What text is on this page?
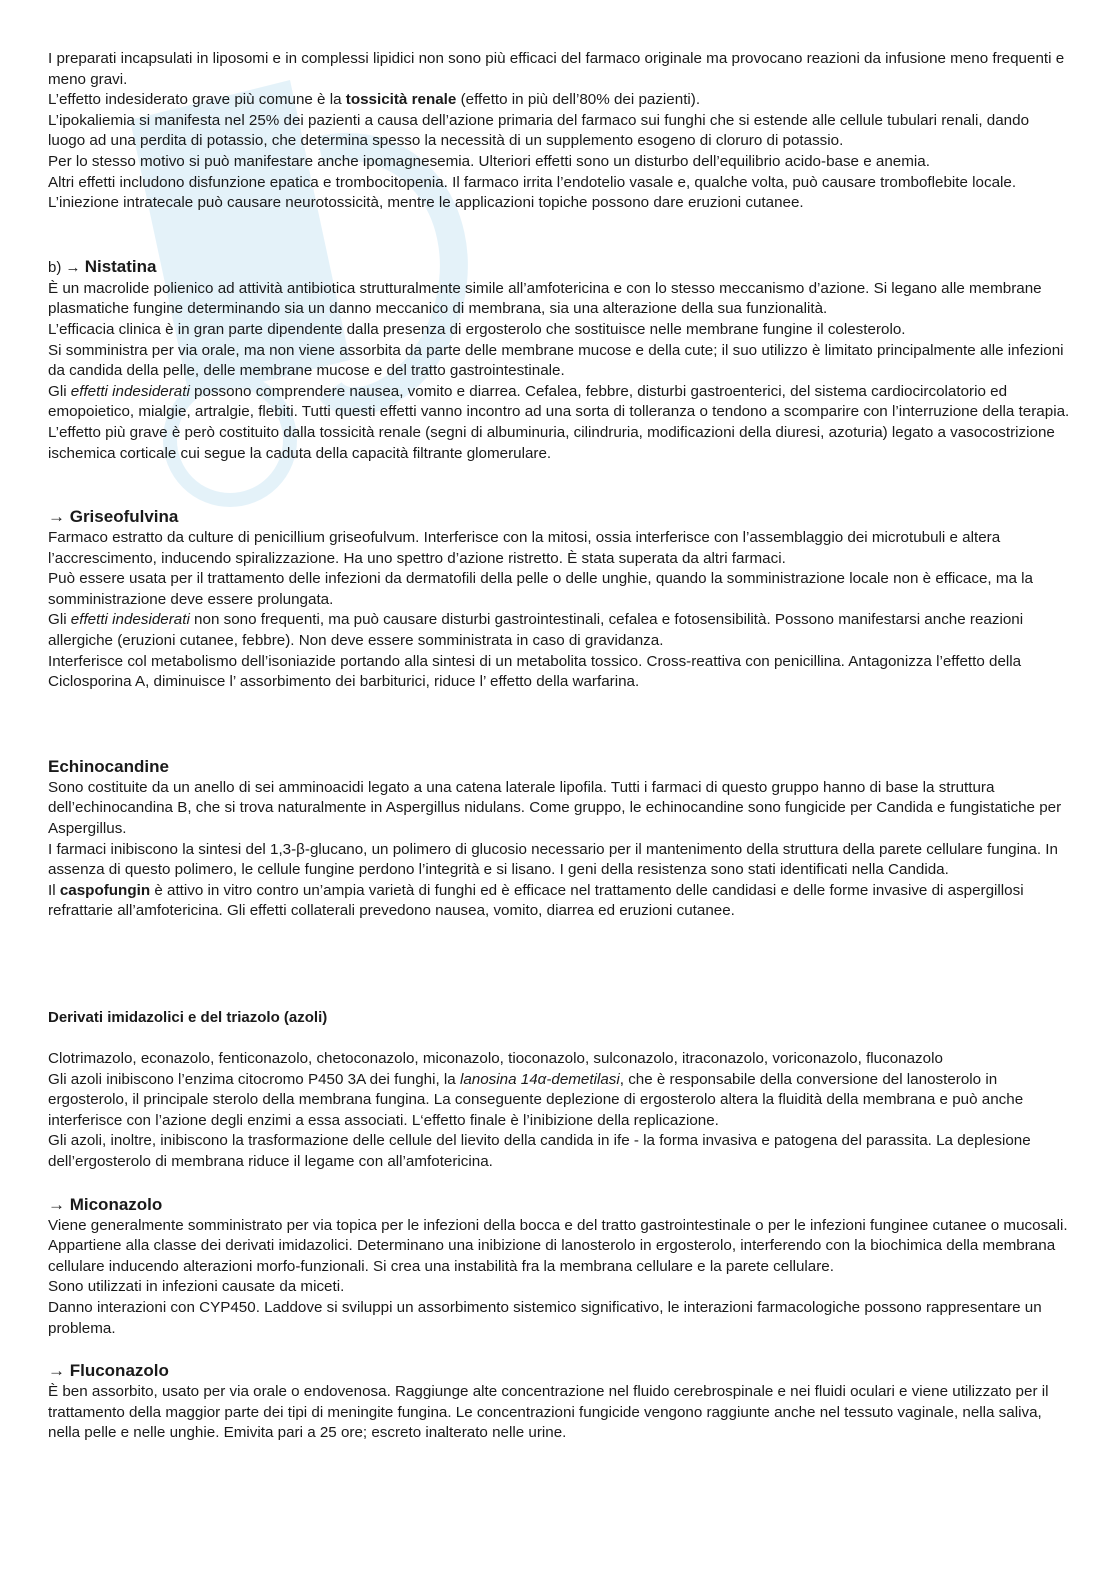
I preparati incapsulati in liposomi e in complessi lipidici non sono più efficaci del farmaco originale ma provocano reazioni da infusione meno frequenti e meno gravi.

L’effetto indesiderato grave più comune è la tossicità renale (effetto in più dell’80% dei pazienti).

L’ipokaliemia si manifesta nel 25% dei pazienti a causa dell’azione primaria del farmaco sui funghi che si estende alle cellule tubulari renali, dando luogo ad una perdita di potassio, che determina spesso la necessità di un supplemento esogeno di cloruro di potassio.

Per lo stesso motivo si può manifestare anche ipomagnesemia. Ulteriori effetti sono un disturbo dell’equilibrio acido-base e anemia.

Altri effetti includono disfunzione epatica e trombocitopenia. Il farmaco irrita l’endotelio vasale e, qualche volta, può causare tromboflebite locale. L’iniezione intratecale può causare neurotossicità, mentre le applicazioni topiche possono dare eruzioni cutanee.

b) → Nistatina

È un macrolide polienico ad attività antibiotica strutturalmente simile all’amfotericina e con lo stesso meccanismo d’azione. Si legano alle membrane plasmatiche fungine determinando sia un danno meccanico di membrana, sia una alterazione della sua funzionalità.

L’efficacia clinica è in gran parte dipendente dalla presenza di ergosterolo che sostituisce nelle membrane fungine il colesterolo.

Si somministra per via orale, ma non viene assorbita da parte delle membrane mucose e della cute; il suo utilizzo è limitato principalmente alle infezioni da candida della pelle, delle membrane mucose e del tratto gastrointestinale.

Gli effetti indesiderati possono comprendere nausea, vomito e diarrea. Cefalea, febbre, disturbi gastroenterici, del sistema cardiocircolatorio ed emopoietico, mialgie, artralgie, flebiti. Tutti questi effetti vanno incontro ad una sorta di tolleranza o tendono a scomparire con l’interruzione della terapia. L’effetto più grave è però costituito dalla tossicità renale (segni di albuminuria, cilindruria, modificazioni della diuresi, azoturia) legato a vasocostrizione ischemica corticale cui segue la caduta della capacità filtrante glomerulare.

→ Griseofulvina

Farmaco estratto da culture di penicillium griseofulvum. Interferisce con la mitosi, ossia interferisce con l’assemblaggio dei microtubuli e altera l’accrescimento, inducendo spiralizzazione. Ha uno spettro d’azione ristretto. È stata superata da altri farmaci.

Può essere usata per il trattamento delle infezioni da dermatofili della pelle o delle unghie, quando la somministrazione locale non è efficace, ma la somministrazione deve essere prolungata.

Gli effetti indesiderati non sono frequenti, ma può causare disturbi gastrointestinali, cefalea e fotosensibilità. Possono manifestarsi anche reazioni allergiche (eruzioni cutanee, febbre). Non deve essere somministrata in caso di gravidanza.

Interferisce col metabolismo dell’isoniazide portando alla sintesi di un metabolita tossico. Cross-reattiva con penicillina. Antagonizza l’effetto della Ciclosporina A, diminuisce l’ assorbimento dei barbiturici, riduce l’ effetto della warfarina.

Echinocandine

Sono costituite da un anello di sei amminoacidi legato a una catena laterale lipofila. Tutti i farmaci di questo gruppo hanno di base la struttura dell’echinocandina B, che si trova naturalmente in Aspergillus nidulans. Come gruppo, le echinocandine sono fungicide per Candida e fungistatiche per Aspergillus.

I farmaci inibiscono la sintesi del 1,3-β-glucano, un polimero di glucosio necessario per il mantenimento della struttura della parete cellulare fungina. In assenza di questo polimero, le cellule fungine perdono l’integrità e si lisano. I geni della resistenza sono stati identificati nella Candida.

Il caspofungin è attivo in vitro contro un’ampia varietà di funghi ed è efficace nel trattamento delle candidasi e delle forme invasive di aspergillosi refrattarie all’amfotericina. Gli effetti collaterali prevedono nausea, vomito, diarrea ed eruzioni cutanee.

Derivati imidazolici e del triazolo (azoli)

Clotrimazolo, econazolo, fenticonazolo, chetoconazolo, miconazolo, tioconazolo, sulconazolo, itraconazolo, voriconazolo, fluconazolo

Gli azoli inibiscono l’enzima citocromo P450 3A dei funghi, la lanosina 14α-demetilasi, che è responsabile della conversione del lanosterolo in ergosterolo, il principale sterolo della membrana fungina. La conseguente deplezione di ergosterolo altera la fluidità della membrana e può anche interferisce con l’azione degli enzimi a essa associati. L‘effetto finale è l’inibizione della replicazione.

Gli azoli, inoltre, inibiscono la trasformazione delle cellule del lievito della candida in ife - la forma invasiva e patogena del parassita. La deplesione dell’ergosterolo di membrana riduce il legame con all’amfotericina.

→ Miconazolo

Viene generalmente somministrato per via topica per le infezioni della bocca e del tratto gastrointestinale o per le infezioni funginee cutanee o mucosali.

Appartiene alla classe dei derivati imidazolici. Determinano una inibizione di lanosterolo in ergosterolo, interferendo con la biochimica della membrana cellulare inducendo alterazioni morfo-funzionali. Si crea una instabilità fra la membrana cellulare e la parete cellulare.

Sono utilizzati in infezioni causate da miceti.

Danno interazioni con CYP450. Laddove si sviluppi un assorbimento sistemico significativo, le interazioni farmacologiche possono rappresentare un problema.

→ Fluconazolo

È ben assorbito, usato per via orale o endovenosa. Raggiunge alte concentrazione nel fluido cerebrospinale e nei fluidi oculari e viene utilizzato per il trattamento della maggior parte dei tipi di meningite fungina. Le concentrazioni fungicide vengono raggiunte anche nel tessuto vaginale, nella saliva, nella pelle e nelle unghie. Emivita pari a 25 ore; escreto inalterato nelle urine.
